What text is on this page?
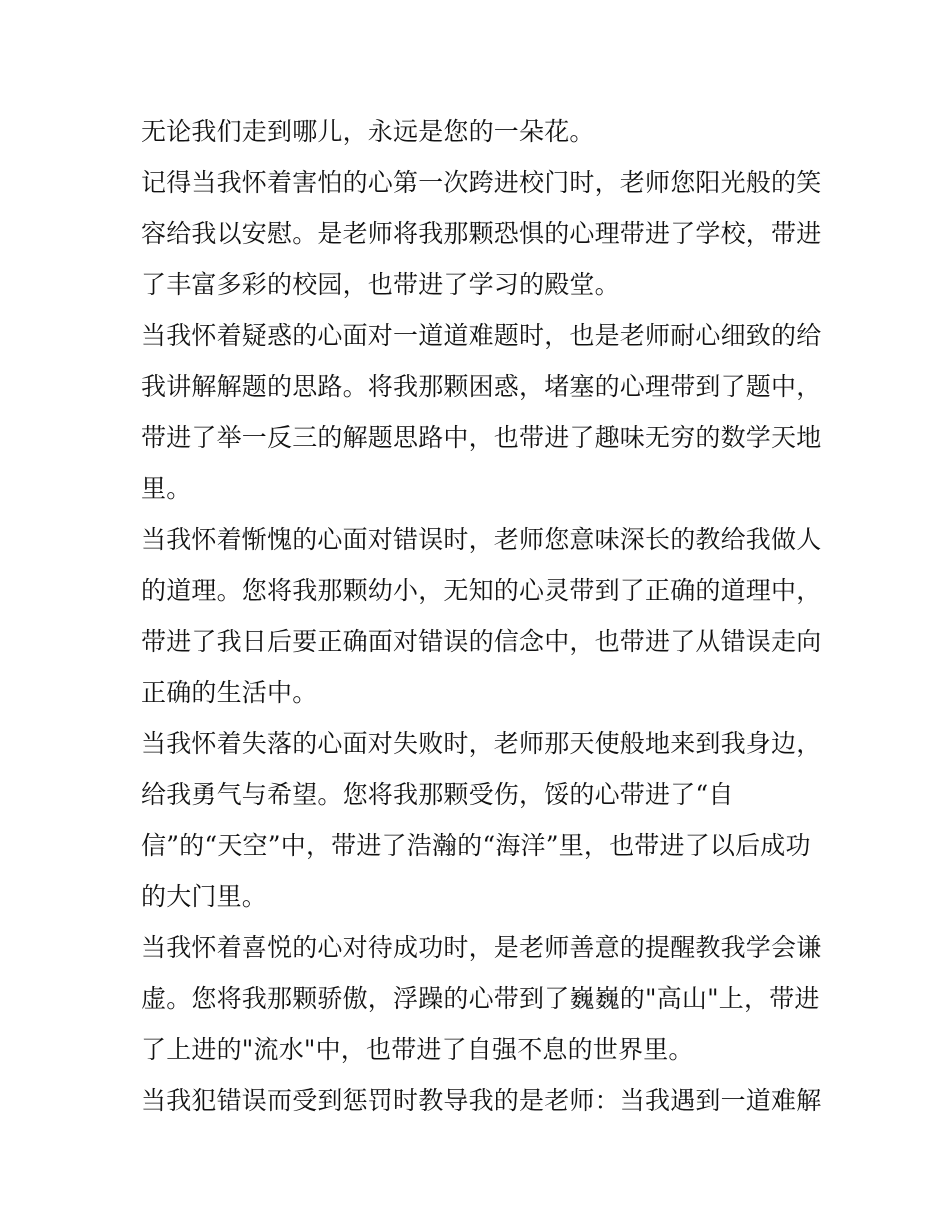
无论我们走到哪儿，永远是您的一朵花。
记得当我怀着害怕的心第一次跨进校门时，老师您阳光般的笑
容给我以安慰。是老师将我那颗恐惧的心理带进了学校，带进
了丰富多彩的校园，也带进了学习的殿堂。
当我怀着疑惑的心面对一道道难题时，也是老师耐心细致的给
我讲解解题的思路。将我那颗困惑，堵塞的心理带到了题中，
带进了举一反三的解题思路中，也带进了趣味无穷的数学天地
里。
当我怀着惭愧的心面对错误时，老师您意味深长的教给我做人
的道理。您将我那颗幼小，无知的心灵带到了正确的道理中，
带进了我日后要正确面对错误的信念中，也带进了从错误走向
正确的生活中。
当我怀着失落的心面对失败时，老师那天使般地来到我身边，
给我勇气与希望。您将我那颗受伤，馁的心带进了“自
信”的“天空”中，带进了浩瀚的“海洋”里，也带进了以后成功
的大门里。
当我怀着喜悦的心对待成功时，是老师善意的提醒教我学会谦
虚。您将我那颗骄傲，浮躁的心带到了巍巍的"高山"上，带进
了上进的"流水"中，也带进了自强不息的世界里。
当我犯错误而受到惩罚时教导我的是老师：当我遇到一道难解
